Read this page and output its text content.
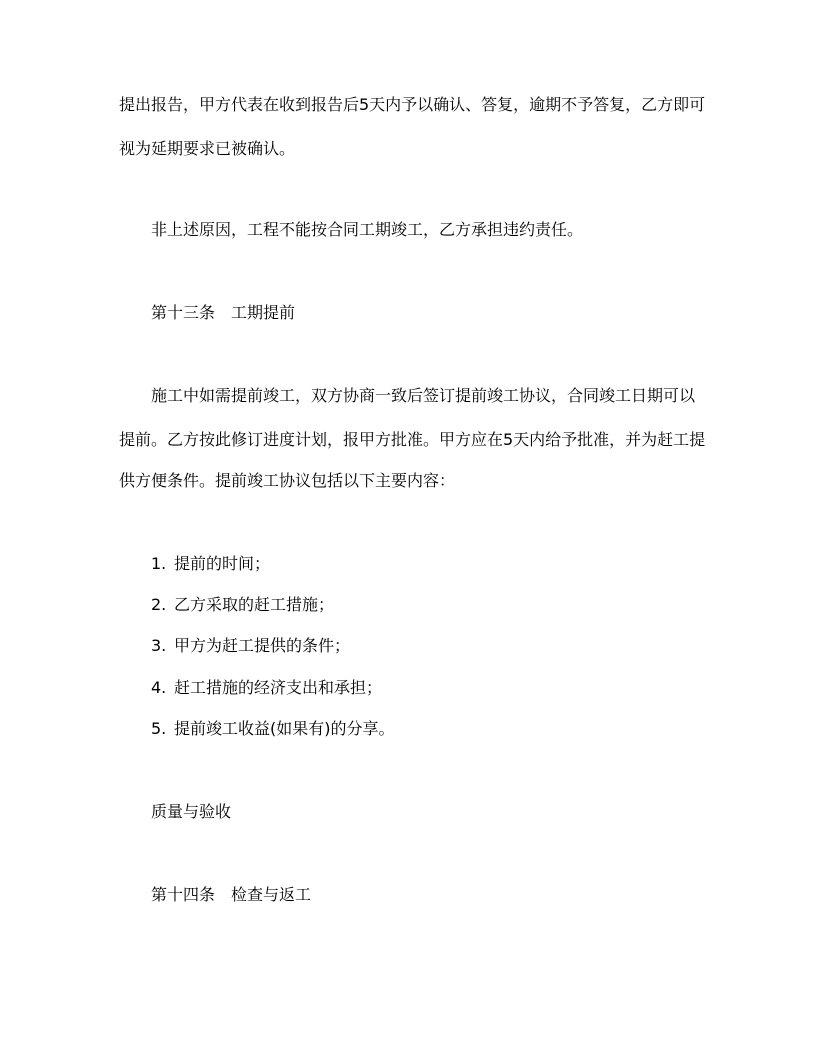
提出报告，甲方代表在收到报告后5天内予以确认、答复，逾期不予答复，乙方即可
视为延期要求已被确认。
非上述原因，工程不能按合同工期竣工，乙方承担违约责任。
第十三条　工期提前
施工中如需提前竣工，双方协商一致后签订提前竣工协议，合同竣工日期可以
提前。乙方按此修订进度计划，报甲方批准。甲方应在5天内给予批准，并为赶工提
供方便条件。提前竣工协议包括以下主要内容：
1. 提前的时间；
2. 乙方采取的赶工措施；
3. 甲方为赶工提供的条件；
4. 赶工措施的经济支出和承担；
5. 提前竣工收益(如果有)的分享。
质量与验收
第十四条　检查与返工
